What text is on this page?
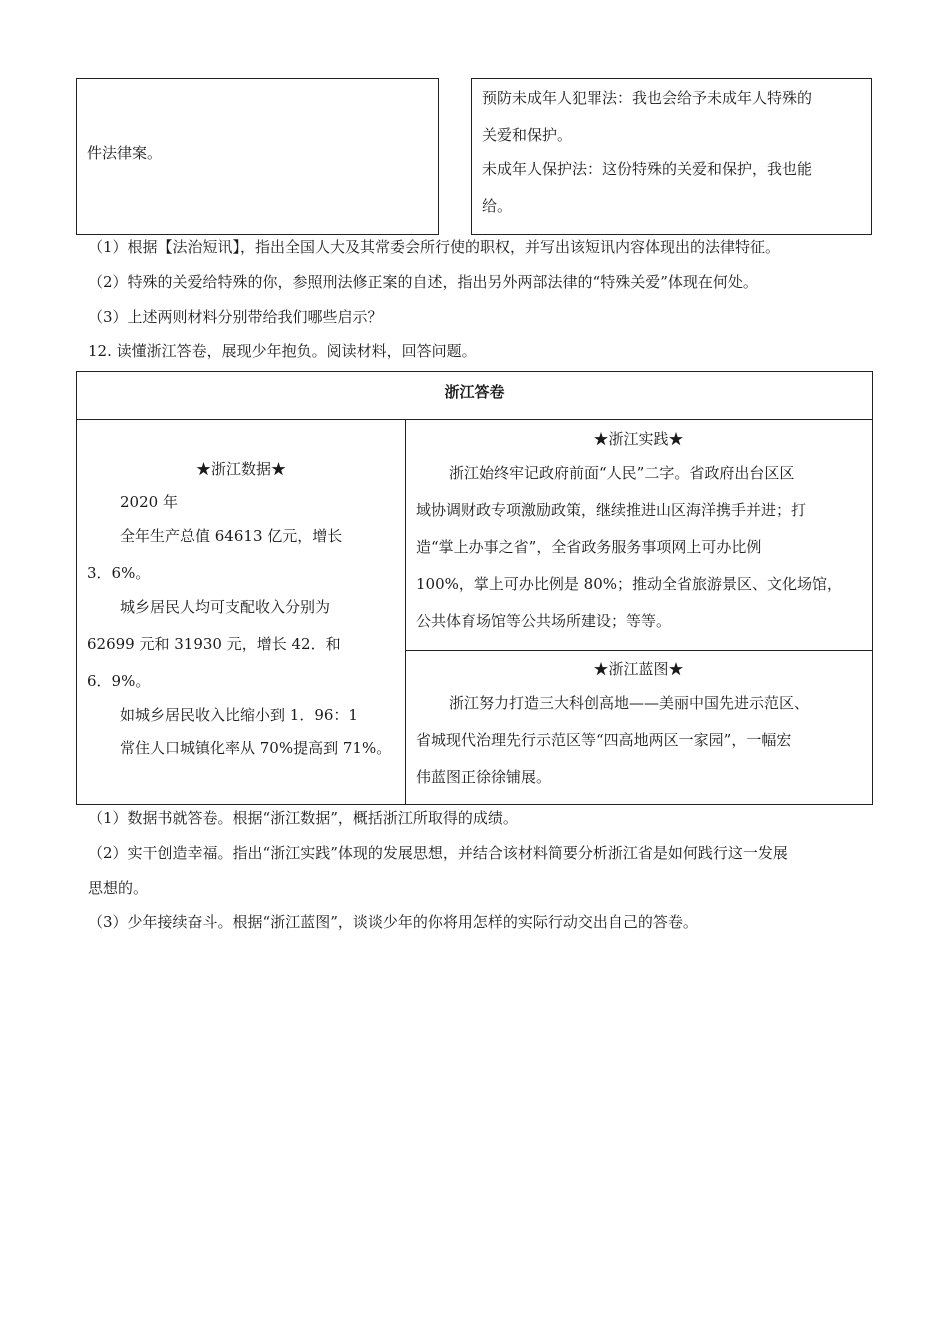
件法律案。
预防未成年人犯罪法：我也会给予未成年人特殊的
关爱和保护。
未成年人保护法：这份特殊的关爱和保护，我也能
给。
（1）根据【法治短讯】，指出全国人大及其常委会所行使的职权，并写出该短讯内容体现出的法律特征。
（2）特殊的关爱给特殊的你，参照刑法修正案的自述，指出另外两部法律的“特殊关爱”体现在何处。
（3）上述两则材料分别带给我们哪些启示？
12. 读懂浙江答卷，展现少年抱负。阅读材料，回答问题。
浙江答卷
★浙江数据★
2020 年
全年生产总值 64613 亿元，增长
3．6%。
城乡居民人均可支配收入分别为
62699 元和 31930 元，增长 42．和
6．9%。
如城乡居民收入比缩小到 1．96：1
常住人口城镇化率从 70%提高到 71%。
★浙江实践★
浙江始终牢记政府前面“人民”二字。省政府出台区区
域协调财政专项激励政策，继续推进山区海洋携手并进；打
造“掌上办事之省”，全省政务服务事项网上可办比例
100%，掌上可办比例是 80%；推动全省旅游景区、文化场馆，
公共体育场馆等公共场所建设；等等。
★浙江蓝图★
浙江努力打造三大科创高地——美丽中国先进示范区、
省城现代治理先行示范区等“四高地两区一家园”，一幅宏
伟蓝图正徐徐铺展。
（1）数据书就答卷。根据“浙江数据”，概括浙江所取得的成绩。
（2）实干创造幸福。指出“浙江实践”体现的发展思想，并结合该材料简要分析浙江省是如何践行这一发展
思想的。
（3）少年接续奋斗。根据“浙江蓝图”，谈谈少年的你将用怎样的实际行动交出自己的答卷。
